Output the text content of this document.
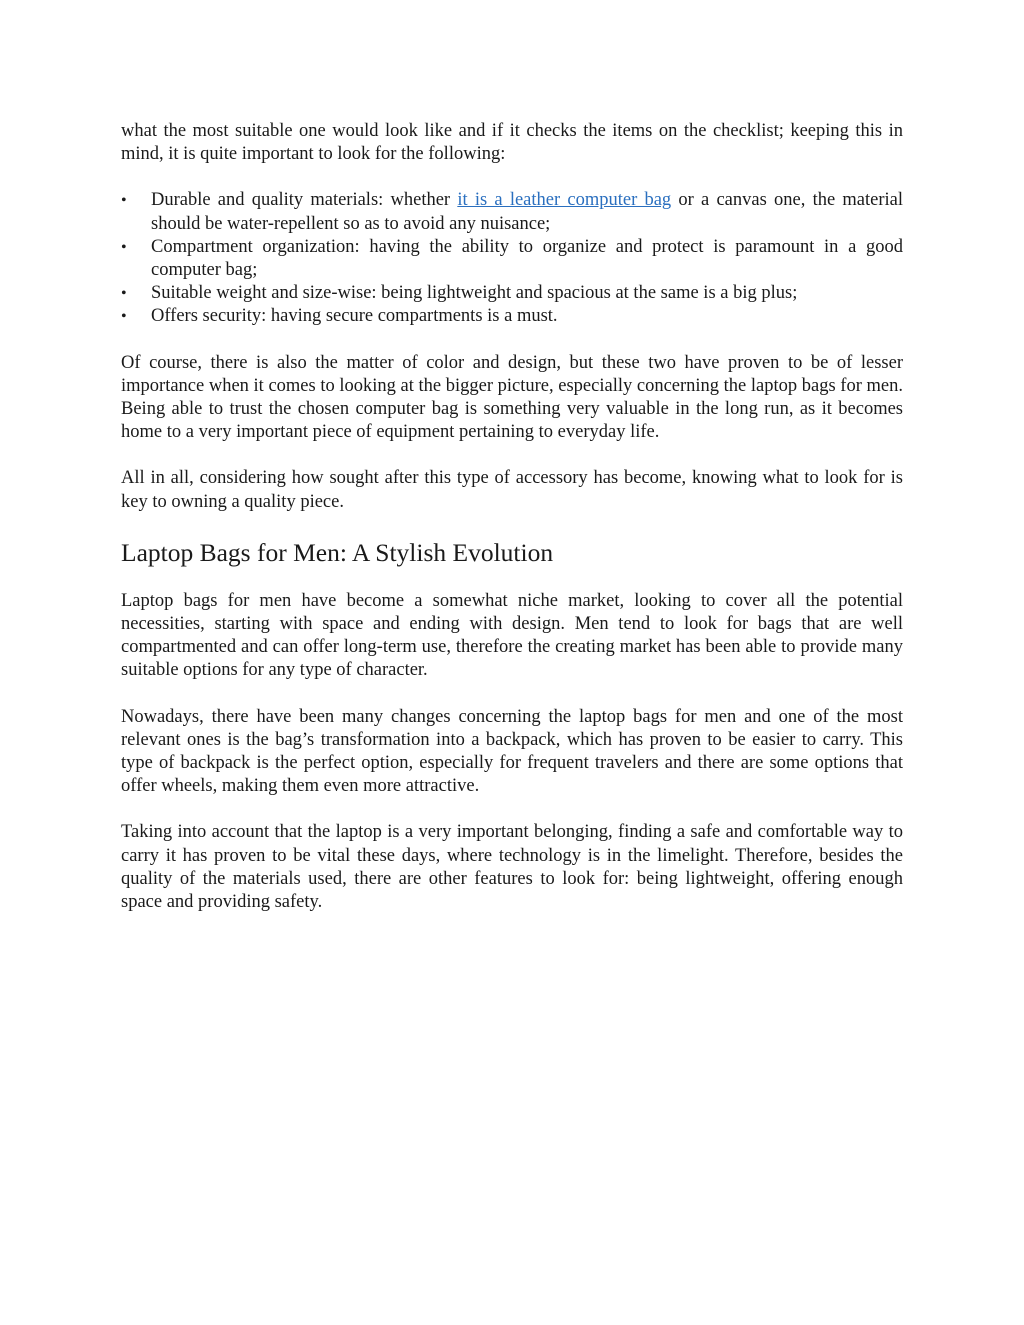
what the most suitable one would look like and if it checks the items on the checklist; keeping this in mind, it is quite important to look for the following:

• Durable and quality materials: whether it is a leather computer bag or a canvas one, the material should be water-repellent so as to avoid any nuisance;
• Compartment organization: having the ability to organize and protect is paramount in a good computer bag;
• Suitable weight and size-wise: being lightweight and spacious at the same is a big plus;
• Offers security: having secure compartments is a must.

Of course, there is also the matter of color and design, but these two have proven to be of lesser importance when it comes to looking at the bigger picture, especially concerning the laptop bags for men. Being able to trust the chosen computer bag is something very valuable in the long run, as it becomes home to a very important piece of equipment pertaining to everyday life.

All in all, considering how sought after this type of accessory has become, knowing what to look for is key to owning a quality piece.

Laptop Bags for Men: A Stylish Evolution

Laptop bags for men have become a somewhat niche market, looking to cover all the potential necessities, starting with space and ending with design. Men tend to look for bags that are well compartmented and can offer long-term use, therefore the creating market has been able to provide many suitable options for any type of character.

Nowadays, there have been many changes concerning the laptop bags for men and one of the most relevant ones is the bag’s transformation into a backpack, which has proven to be easier to carry. This type of backpack is the perfect option, especially for frequent travelers and there are some options that offer wheels, making them even more attractive.

Taking into account that the laptop is a very important belonging, finding a safe and comfortable way to carry it has proven to be vital these days, where technology is in the limelight. Therefore, besides the quality of the materials used, there are other features to look for: being lightweight, offering enough space and providing safety.
